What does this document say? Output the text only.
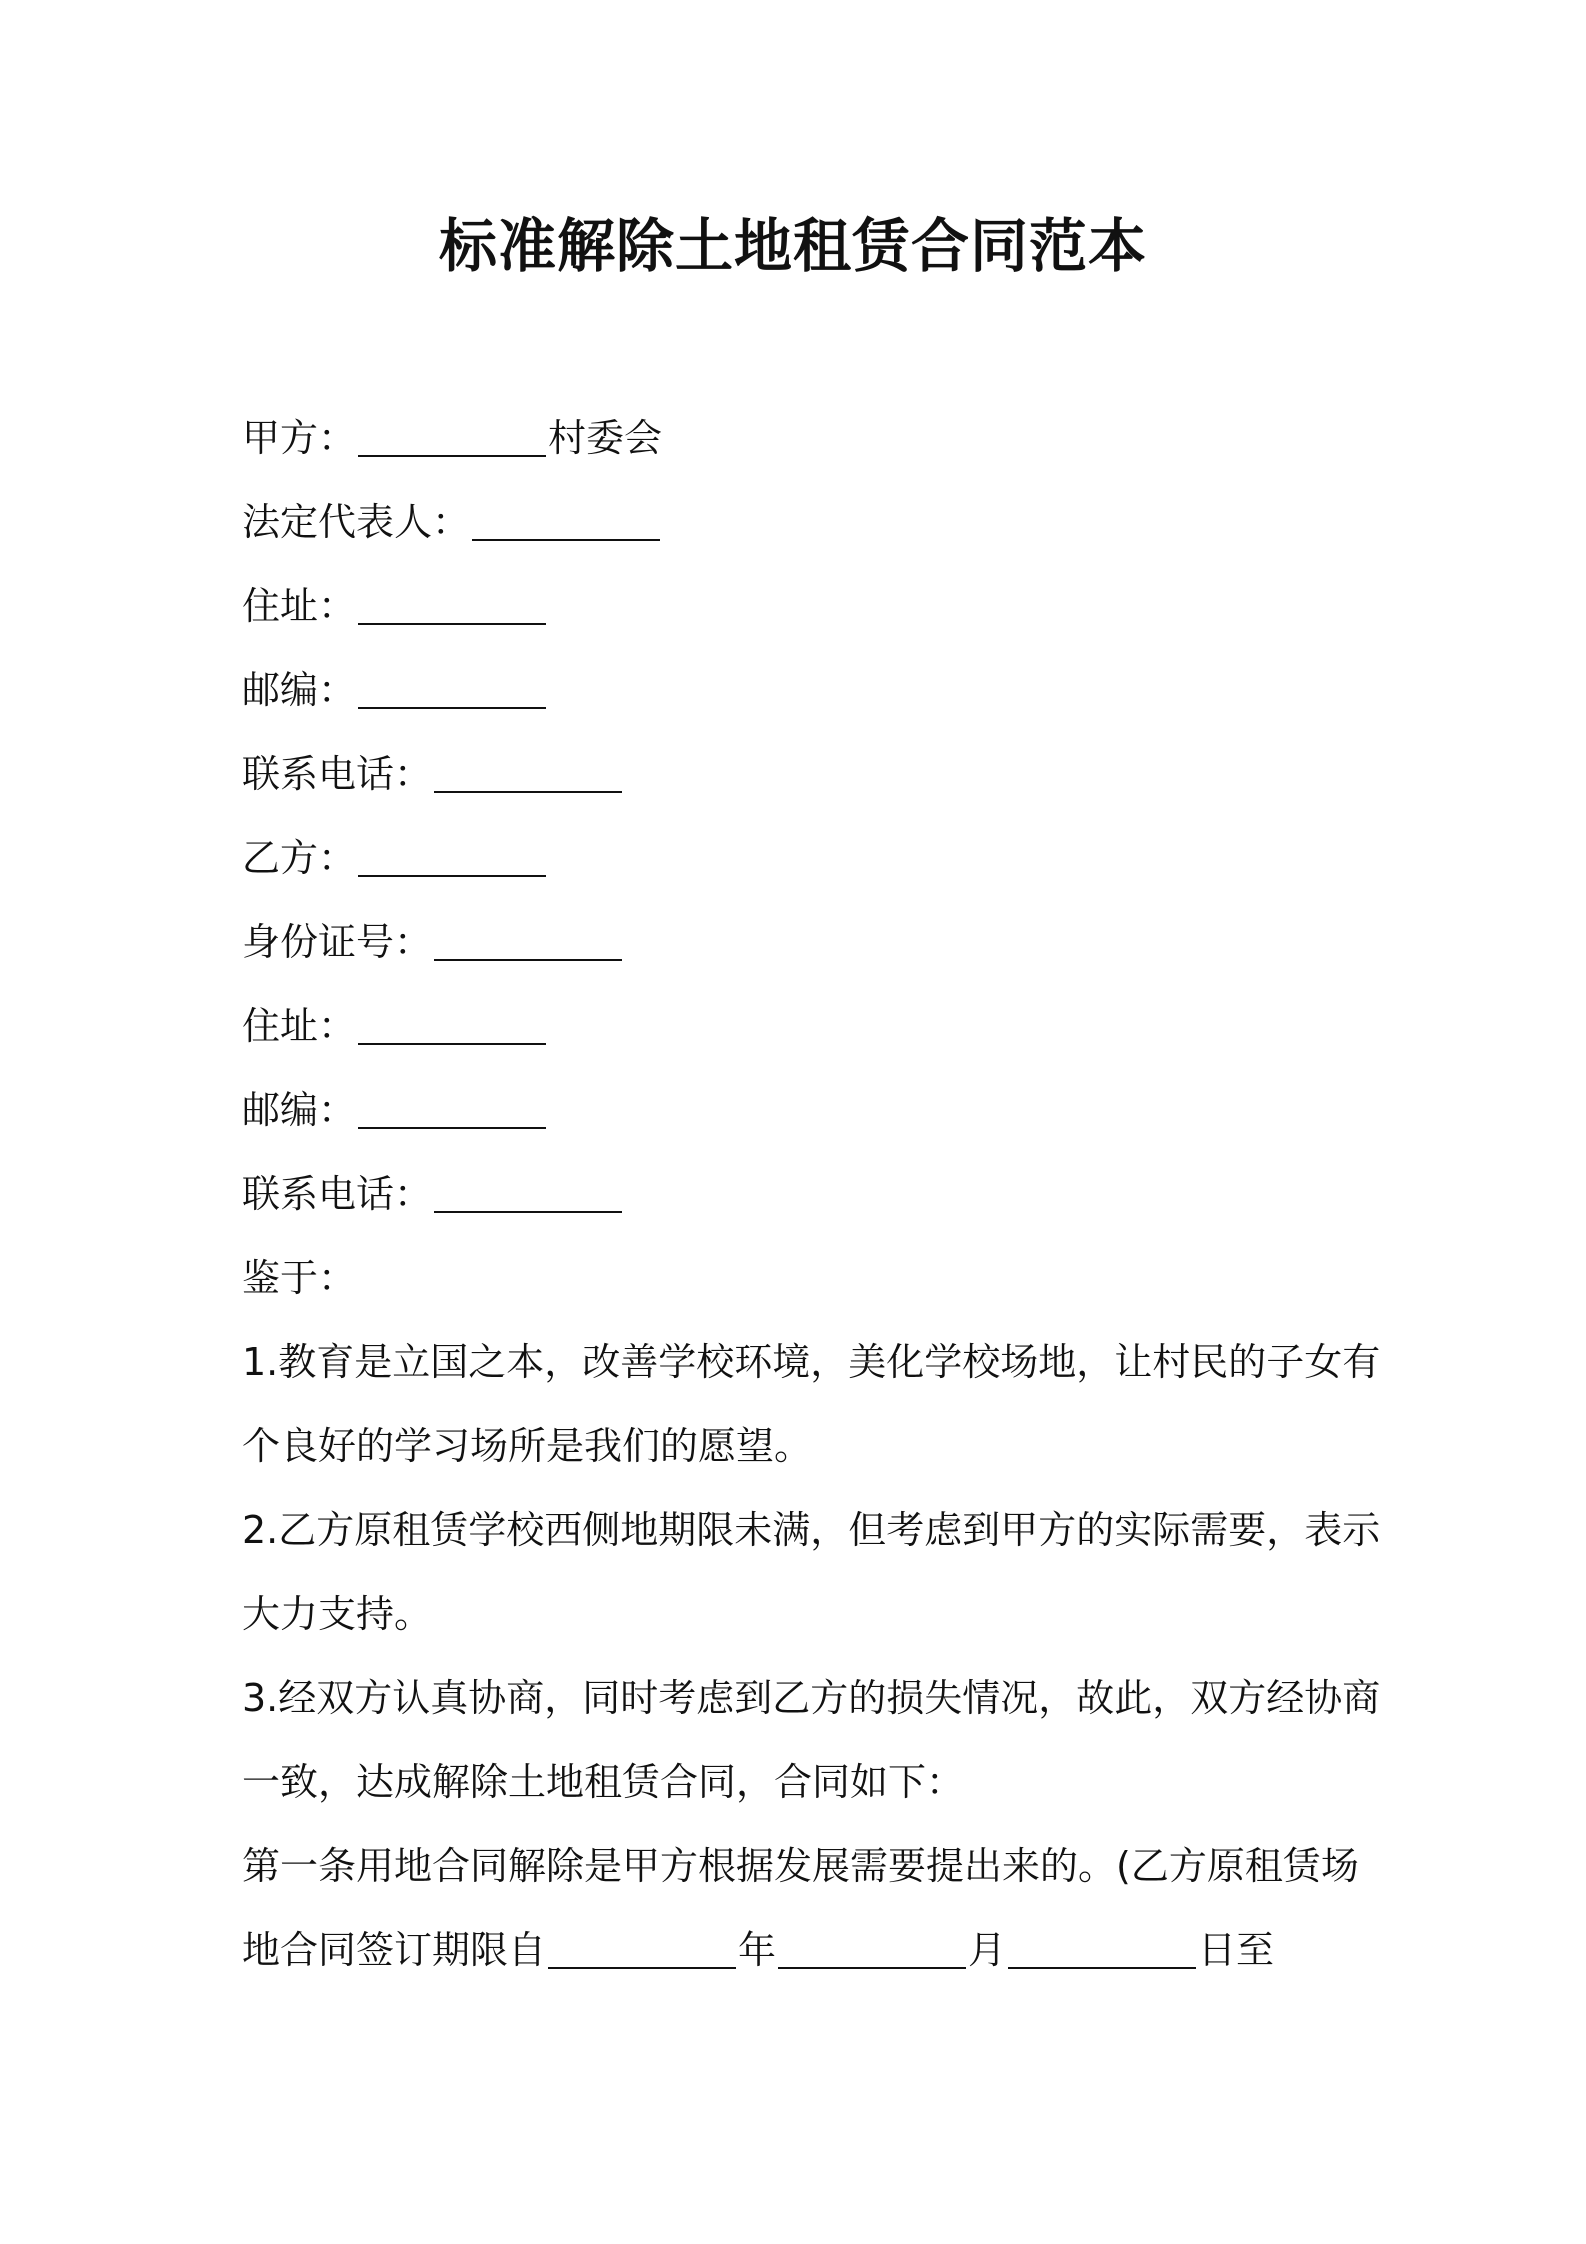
标准解除土地租赁合同范本
甲方：	村委会
法定代表人：
住址：
邮编：
联系电话：
乙方：
身份证号：
住址：
邮编：
联系电话：
鉴于：
1.教育是立国之本，改善学校环境，美化学校场地，让村民的子女有
个良好的学习场所是我们的愿望。
2.乙方原租赁学校西侧地期限未满，但考虑到甲方的实际需要，表示
大力支持。
3.经双方认真协商，同时考虑到乙方的损失情况，故此，双方经协商
一致，达成解除土地租赁合同，合同如下：
第一条用地合同解除是甲方根据发展需要提出来的。(乙方原租赁场
地合同签订期限自	年	月	日至
